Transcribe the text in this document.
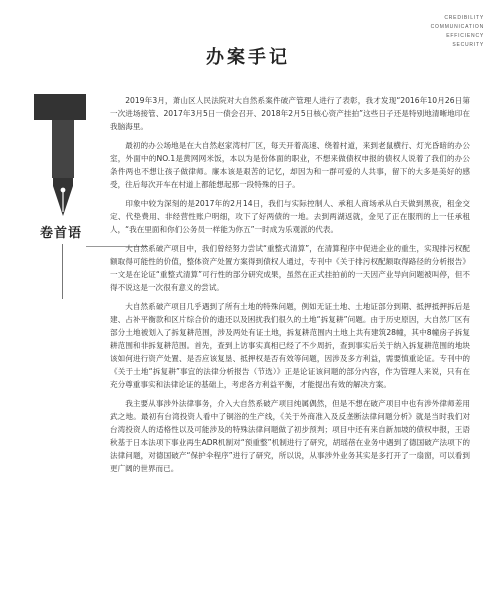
CREDIBILITY
COMMUNICATION
EFFICIENCY
SECURITY
办案手记
卷首语

2019年3月，萧山区人民法院对大自然系案件破产管理人进行了表彰，我才发现“2016年10月26日第一次进场接管、2017年3月5日一债会召开、2018年2月5日核心资产挂拍”这些日子还是特别地清晰地印在我脑海里。

最初的办公场地是在大自然赵家湾村厂区，每天开着高速、绕着村道，来到老鼠横行、灯光昏暗的办公室，外面中的NO.1是黄网网米饭，本以为是份体面的职业，不想来做债权申报的债权人说着了我们的办公条件两也不想让孩子做律师。廉本该是艰苦的记忆，却因为和一群可爱的人共事，留下的大多是美好的感受，往后每次开车在村道上都能想起那一段特殊的日子。

印象中较为深刻的是2017年的2月14日，我们与实际控制人、承租人商场承从白天做到黑夜，租金交定、代垫费用、非经营性账户明细，攻下了好两债的一地。去到两湖返就，金见了正在服刑的上一任承租人，“我在里面和你们公务员一样能为你五”一时成为乐观派的代表。

大自然系破产项目中，我们曾经努力尝试“重整式清算”，在清算程序中促进企业的重生，实现排污权配额取得可能性的价值，整体资产处置方案得到债权人通过，专刊中《关于排污权配额取得路径的分析报告》一文是在论证“重整式清算”可行性的部分研究成果，虽然在正式挂拍前的一天因产业导向问题被叫停，但不得不说这是一次很有意义的尝试。

大自然系破产项目几乎遇到了所有土地的特殊问题，例如无证土地、土地证部分到期、抵押抵押拆后是建、占补平衡款和区片综合价的遗还以及困扰我们很久的土地“拆复耕”问题。由于历史原因，大自然厂区有部分土地被划入了拆复耕范围，涉及两处有证土地，拆复耕范围内土地上共有建筑28幢，其中8幢房子拆复耕范围和非拆复耕范围。首先，查到上访事实真相已经了不少周折，查到事实后关于纳入拆复耕范围的地块该如何进行资产处置、是否应该复垦、抵押权是否有效等问题，因涉及多方利益，需要慎重论证。专刊中的《关于土地“拆复耕”事宜的法律分析报告（节选）》正是论证该问题的部分内容，作为管理人来说，只有在充分尊重事实和法律论证的基础上，考虑各方利益平衡，才能提出有效的解决方案。

我主要从事涉外法律事务，介入大自然系破产项目纯属偶然，但是不想在破产项目中也有涉外律师差用武之地。最初有台湾投资人看中了铜浴的生产线，《关于外商准入及反垄断法律问题分析》就是当时我们对台湾投资人的适格性以及可能涉及的特殊法律问题做了初步预判；项目中还有来自新加坡的债权申报，王语秋基于日本法项下事业再生ADR机制对“预重整”机制进行了研究，胡瑶蓓在业务中遇到了德国破产法项下的法律问题，对德国破产“保护伞程序”进行了研究，所以说，从事涉外业务其实是多打开了一扇窗，可以看到更广阔的世界而已。
